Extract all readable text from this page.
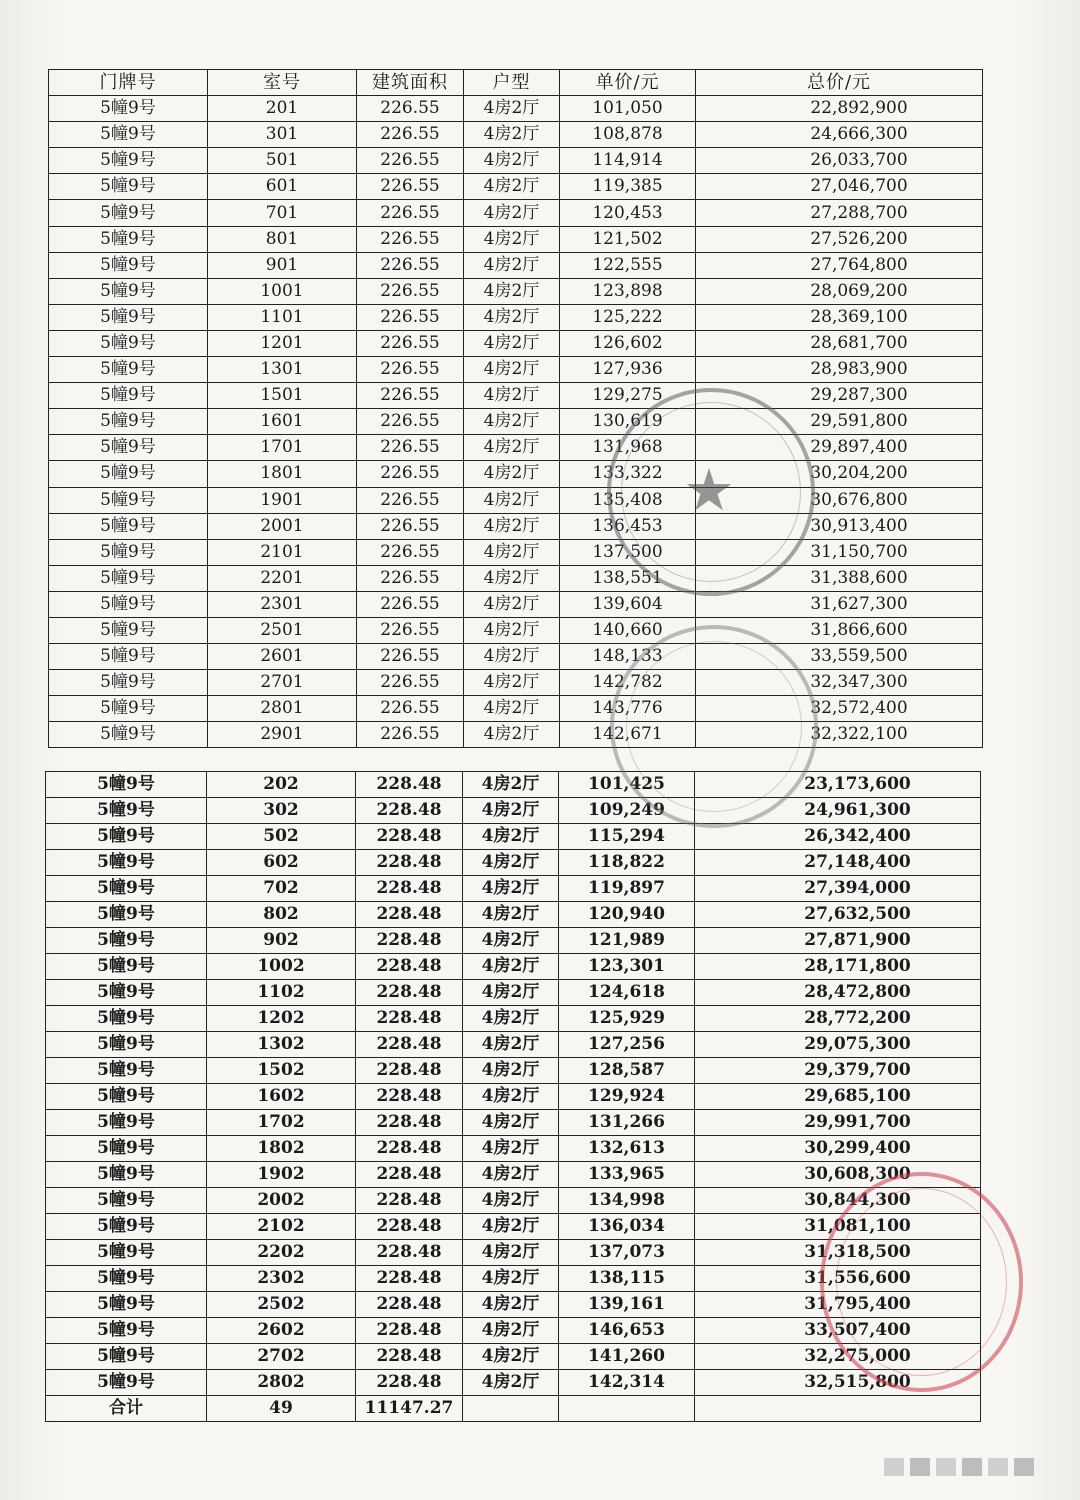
门牌号	室号	建筑面积	户型	单价/元	总价/元
5幢9号	201	226.55	4房2厅	101,050	22,892,900
5幢9号	301	226.55	4房2厅	108,878	24,666,300
5幢9号	501	226.55	4房2厅	114,914	26,033,700
5幢9号	601	226.55	4房2厅	119,385	27,046,700
5幢9号	701	226.55	4房2厅	120,453	27,288,700
5幢9号	801	226.55	4房2厅	121,502	27,526,200
5幢9号	901	226.55	4房2厅	122,555	27,764,800
5幢9号	1001	226.55	4房2厅	123,898	28,069,200
5幢9号	1101	226.55	4房2厅	125,222	28,369,100
5幢9号	1201	226.55	4房2厅	126,602	28,681,700
5幢9号	1301	226.55	4房2厅	127,936	28,983,900
5幢9号	1501	226.55	4房2厅	129,275	29,287,300
5幢9号	1601	226.55	4房2厅	130,619	29,591,800
5幢9号	1701	226.55	4房2厅	131,968	29,897,400
5幢9号	1801	226.55	4房2厅	133,322	30,204,200
5幢9号	1901	226.55	4房2厅	135,408	30,676,800
5幢9号	2001	226.55	4房2厅	136,453	30,913,400
5幢9号	2101	226.55	4房2厅	137,500	31,150,700
5幢9号	2201	226.55	4房2厅	138,551	31,388,600
5幢9号	2301	226.55	4房2厅	139,604	31,627,300
5幢9号	2501	226.55	4房2厅	140,660	31,866,600
5幢9号	2601	226.55	4房2厅	148,133	33,559,500
5幢9号	2701	226.55	4房2厅	142,782	32,347,300
5幢9号	2801	226.55	4房2厅	143,776	32,572,400
5幢9号	2901	226.55	4房2厅	142,671	32,322,100
5幢9号	202	228.48	4房2厅	101,425	23,173,600
5幢9号	302	228.48	4房2厅	109,249	24,961,300
5幢9号	502	228.48	4房2厅	115,294	26,342,400
5幢9号	602	228.48	4房2厅	118,822	27,148,400
5幢9号	702	228.48	4房2厅	119,897	27,394,000
5幢9号	802	228.48	4房2厅	120,940	27,632,500
5幢9号	902	228.48	4房2厅	121,989	27,871,900
5幢9号	1002	228.48	4房2厅	123,301	28,171,800
5幢9号	1102	228.48	4房2厅	124,618	28,472,800
5幢9号	1202	228.48	4房2厅	125,929	28,772,200
5幢9号	1302	228.48	4房2厅	127,256	29,075,300
5幢9号	1502	228.48	4房2厅	128,587	29,379,700
5幢9号	1602	228.48	4房2厅	129,924	29,685,100
5幢9号	1702	228.48	4房2厅	131,266	29,991,700
5幢9号	1802	228.48	4房2厅	132,613	30,299,400
5幢9号	1902	228.48	4房2厅	133,965	30,608,300
5幢9号	2002	228.48	4房2厅	134,998	30,844,300
5幢9号	2102	228.48	4房2厅	136,034	31,081,100
5幢9号	2202	228.48	4房2厅	137,073	31,318,500
5幢9号	2302	228.48	4房2厅	138,115	31,556,600
5幢9号	2502	228.48	4房2厅	139,161	31,795,400
5幢9号	2602	228.48	4房2厅	146,653	33,507,400
5幢9号	2702	228.48	4房2厅	141,260	32,275,000
5幢9号	2802	228.48	4房2厅	142,314	32,515,800
合计	49	11147.27			
★
